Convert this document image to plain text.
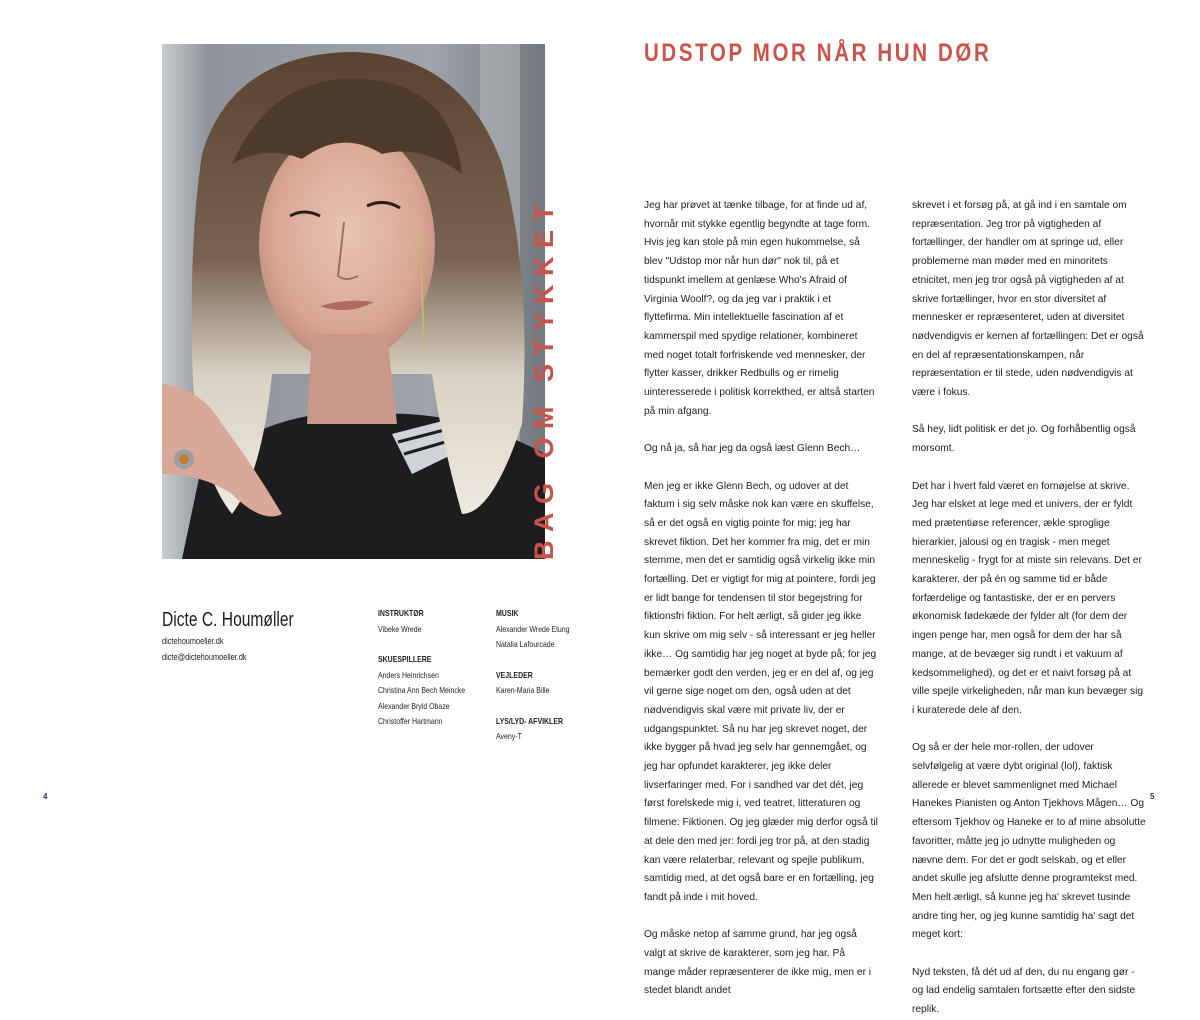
BAG OM STYKKET
UDSTOP MOR NÅR HUN DØR
Dicte C. Houmøller
dictehoumoeller.dk
dicte@dictehoumoeller.dk
INSTRUKTØR
Vibeke Wrede
SKUESPILLERE
Anders Heinrichsen
Christina Ann Bech Meincke
Alexander Bryld Obaze
Christoffer Hartmann
MUSIK
Alexander Wrede Elung
Natalia Lafourcade
VEJLEDER
Karen-Maria Bille
LYS/LYD- AFVIKLER
Aveny-T

Jeg har prøvet at tænke tilbage, for at finde ud af, hvornår mit stykke egentlig begyndte at tage form. Hvis jeg kan stole på min egen hukommelse, så blev "Udstop mor når hun dør" nok til, på et tidspunkt imellem at genlæse Who's Afraid of Virginia Woolf?, og da jeg var i praktik i et flyttefirma. Min intellektuelle fascination af et kammerspil med spydige relationer, kombineret med noget totalt forfriskende ved mennesker, der flytter kasser, drikker Redbulls og er rimelig uinteresserede i politisk korrekthed, er altså starten på min afgang.

Og nå ja, så har jeg da også læst Glenn Bech…

Men jeg er ikke Glenn Bech, og udover at det faktum i sig selv måske nok kan være en skuffelse, så er det også en vigtig pointe for mig; jeg har skrevet fiktion. Det her kommer fra mig, det er min stemme, men det er samtidig også virkelig ikke min fortælling. Det er vigtigt for mig at pointere, fordi jeg er lidt bange for tendensen til stor begejstring for fiktionsfri fiktion. For helt ærligt, så gider jeg ikke kun skrive om mig selv - så interessant er jeg heller ikke… Og samtidig har jeg noget at byde på; for jeg bemærker godt den verden, jeg er en del af, og jeg vil gerne sige noget om den, også uden at det nødvendigvis skal være mit private liv, der er udgangspunktet. Så nu har jeg skrevet noget, der ikke bygger på hvad jeg selv har gennemgået, og jeg har opfundet karakterer, jeg ikke deler livserfaringer med. For i sandhed var det dét, jeg først forelskede mig i, ved teatret, litteraturen og filmene: Fiktionen. Og jeg glæder mig derfor også til at dele den med jer: fordi jeg tror på, at den stadig kan være relaterbar, relevant og spejle publikum, samtidig med, at det også bare er en fortælling, jeg fandt på inde i mit hoved.

Og måske netop af samme grund, har jeg også valgt at skrive de karakterer, som jeg har. På mange måder repræsenterer de ikke mig, men er i stedet blandt andet

skrevet i et forsøg på, at gå ind i en samtale om repræsentation. Jeg tror på vigtigheden af fortællinger, der handler om at springe ud, eller problemerne man møder med en minoritets etnicitet, men jeg tror også på vigtigheden af at skrive fortællinger, hvor en stor diversitet af mennesker er repræsenteret, uden at diversitet nødvendigvis er kernen af fortællingen: Det er også en del af repræsentationskampen, når repræsentation er til stede, uden nødvendigvis at være i fokus.

Så hey, lidt politisk er det jo. Og forhåbentlig også morsomt.

Det har i hvert fald været en fornøjelse at skrive. Jeg har elsket at lege med et univers, der er fyldt med prætentiøse referencer, ækle sproglige hierarkier, jalousi og en tragisk - men meget menneskelig - frygt for at miste sin relevans. Det er karakterer, der på én og samme tid er både forfærdelige og fantastiske, der er en pervers økonomisk fødekæde der fylder alt (for dem der ingen penge har, men også for dem der har så mange, at de bevæger sig rundt i et vakuum af kedsommelighed), og det er et naivt forsøg på at ville spejle virkeligheden, når man kun bevæger sig i kuraterede dele af den.

Og så er der hele mor-rollen, der udover selvfølgelig at være dybt original (lol), faktisk allerede er blevet sammenlignet med Michael Hanekes Pianisten og Anton Tjekhovs Mågen… Og eftersom Tjekhov og Haneke er to af mine absolutte favoritter, måtte jeg jo udnytte muligheden og nævne dem. For det er godt selskab, og et eller andet skulle jeg afslutte denne programtekst med. Men helt ærligt, så kunne jeg ha' skrevet tusinde andre ting her, og jeg kunne samtidig ha' sagt det meget kort:

Nyd teksten, få dét ud af den, du nu engang gør - og lad endelig samtalen fortsætte efter den sidste replik.

4	5
